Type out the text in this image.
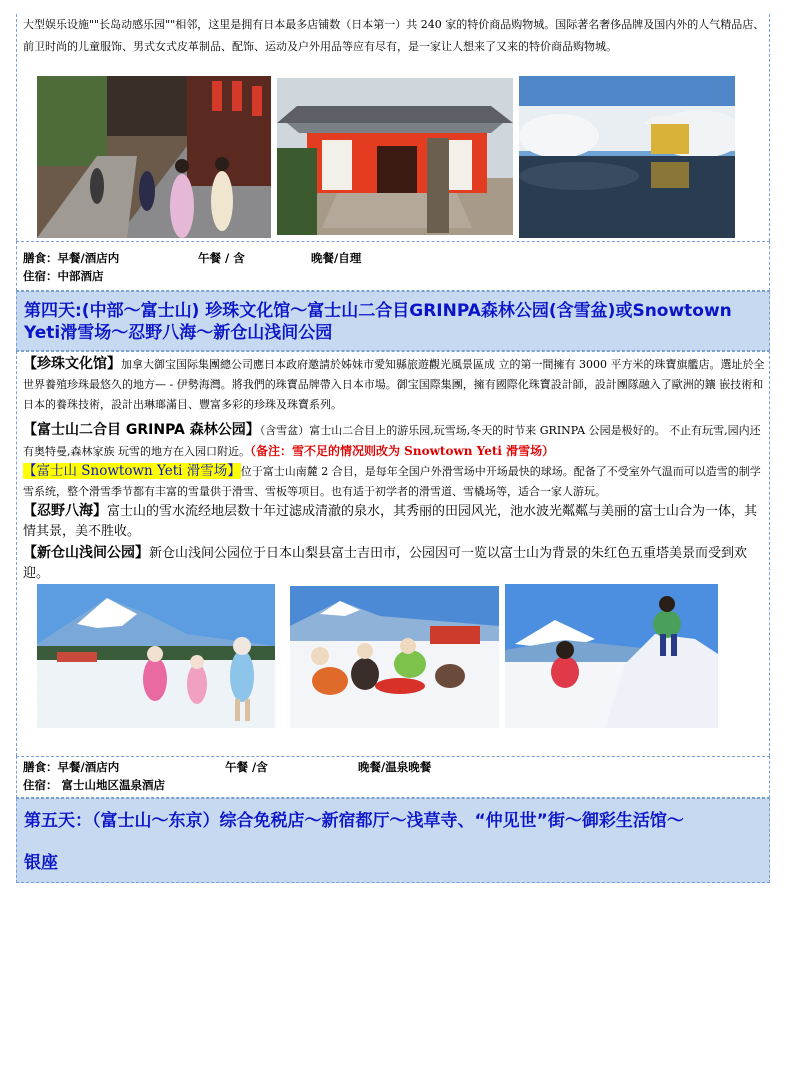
大型娱乐设施""长岛动感乐园""相邻，这里是拥有日本最多店铺数（日本第一）共 240 家的特价商品购物城。国际著名奢侈品牌及国内外的人气精品店、前卫时尚的儿童服饰、男式女式皮革制品、配饰、运动及户外用品等应有尽有，是一家让人想来了又来的特价商品购物城。
膳食：早餐/酒店内	午餐 / 含	晚餐/自理
住宿：中部酒店
第四天:(中部～富士山) 珍珠文化馆～富士山二合目GRINPA森林公园(含雪盆)或Snowtown Yeti滑雪场～忍野八海～新仓山浅间公园
【珍珠文化馆】加拿大御宝国际集團總公司應日本政府邀請於姊妹市愛知縣旅遊觀光風景區成 立的第一間擁有 3000 平方米的珠寶旗艦店。選址於全世界養殖珍珠最悠久的地方— - 伊勢海灣。將我們的珠寶品牌帶入日本市場。御宝国際集團，擁有國際化珠寶設計師，設計團隊融入了歐洲的鑲 嵌技術和日本的養珠技術，設計出琳瑯滿目、豐富多彩的珍珠及珠寶系列。
【富士山二合目 GRINPA 森林公园】（含雪盆）富士山二合目上的游乐园,玩雪场,冬天的时节来 GRINPA 公园是极好的。 不止有玩雪,园内还有奥特曼,森林家族 玩雪的地方在入园口附近。（备注：雪不足的情况则改为 Snowtown Yeti 滑雪场）
【富士山 Snowtown Yeti 滑雪场】位于富士山南麓 2 合目，是每年全国户外滑雪场中开场最快的球场。配备了不受室外气温而可以造雪的制学雪系统，整个滑雪季节都有丰富的雪量供于滑雪、雪板等项目。也有适于初学者的滑雪道、雪橇场等，适合一家人游玩。
【忍野八海】富士山的雪水流经地层数十年过滤成清澈的泉水，其秀丽的田园风光，池水波光粼粼与美丽的富士山合为一体，其情其景，美不胜收。
【新仓山浅间公园】新仓山浅间公园位于日本山梨县富士吉田市，公园因可一览以富士山为背景的朱红色五重塔美景而受到欢迎。
膳食：早餐/酒店内	午餐 /含	晚餐/温泉晚餐
住宿： 富士山地区温泉酒店
第五天：（富士山～东京）综合免税店～新宿都厅～浅草寺、“仲见世”街～御彩生活馆～
银座
